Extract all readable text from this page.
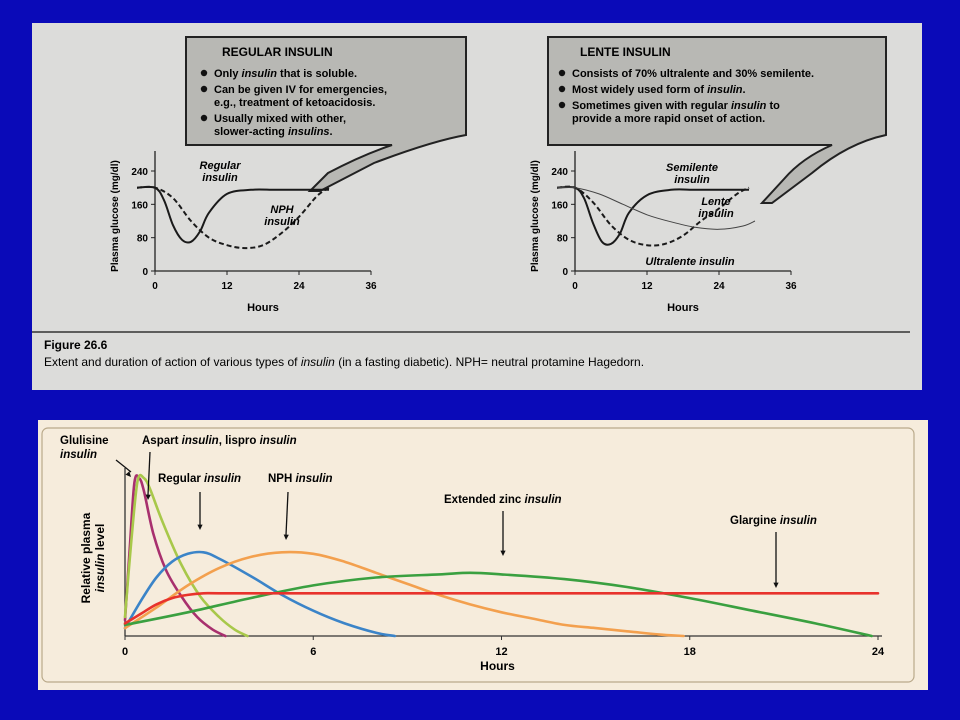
REGULAR INSULIN	LENTE INSULIN
Only insulin that is soluble.
Can be given IV for emergencies,
e.g., treatment of ketoacidosis.
Usually mixed with other,
slower-acting insulins.
Consists of 70% ultralente and 30% semilente.
Most widely used form of insulin.
Sometimes given with regular insulin to
provide a more rapid onset of action.
0
80
160
240
0	12	24	36
Hours
Plasma glucose (mg/dl)	Regular
insulin
NPH
insulin
0
80
160
240
0	12	24	36
Hours
Plasma glucose (mg/dl)	Semilente
insulin
Lente
insulin
Ultralente insulin
Figure 26.6
Extent and duration of action of various types of insulin (in a fasting diabetic). NPH= neutral protamine Hagedorn.
0	6	12	18	24
Hours
Relative plasma insulin level
Glulisine
insulin
Aspart insulin, lispro insulin
Regular insulin NPH insulin
Extended zinc insulin
Glargine insulin
